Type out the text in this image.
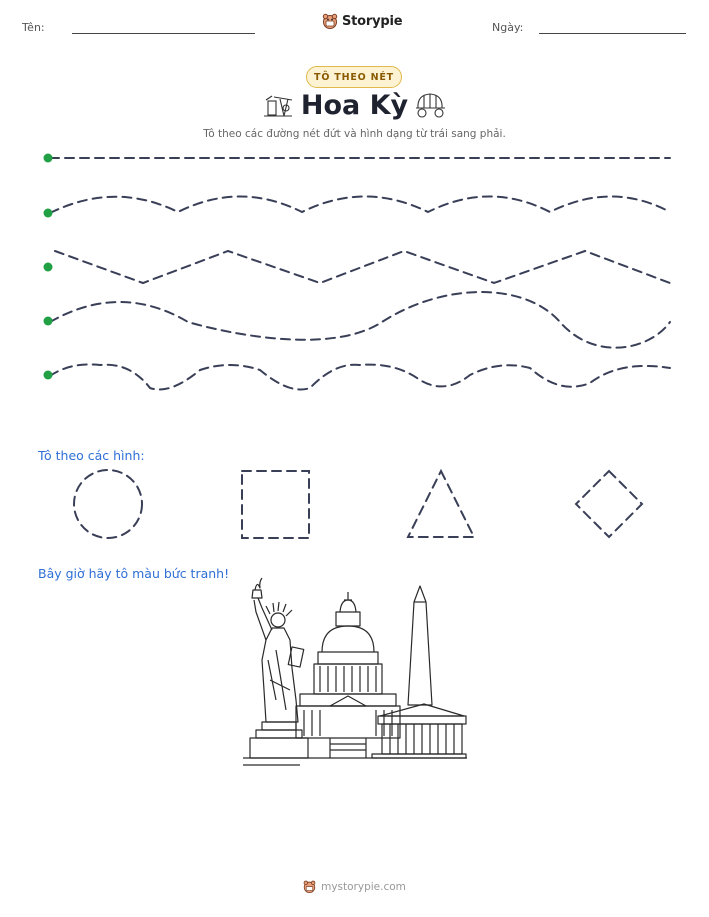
Tên:	Storypie	Ngày:
TÔ THEO NÉT
Hoa Kỳ
Tô theo các đường nét đứt và hình dạng từ trái sang phải.
Tô theo các hình:
Bây giờ hãy tô màu bức tranh!
mystorypie.com
